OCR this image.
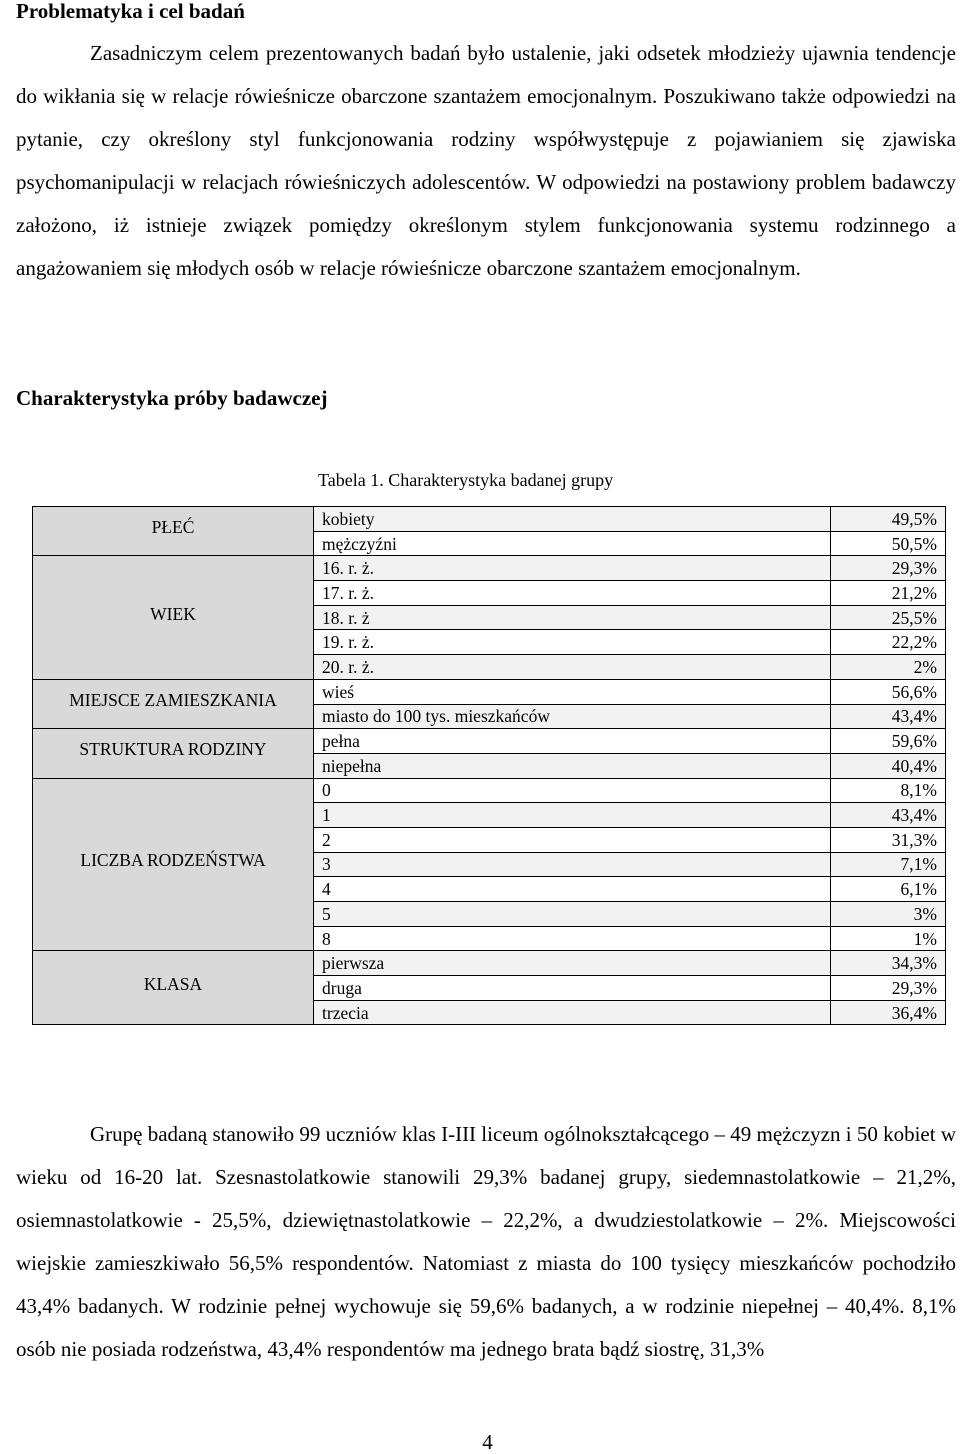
Problematyka i cel badań

Zasadniczym celem prezentowanych badań było ustalenie, jaki odsetek młodzieży ujawnia tendencje do wikłania się w relacje rówieśnicze obarczone szantażem emocjonalnym. Poszukiwano także odpowiedzi na pytanie, czy określony styl funkcjonowania rodziny współwystępuje z pojawianiem się zjawiska psychomanipulacji w relacjach rówieśniczych adolescentów. W odpowiedzi na postawiony problem badawczy założono, iż istnieje związek pomiędzy określonym stylem funkcjonowania systemu rodzinnego a angażowaniem się młodych osób w relacje rówieśnicze obarczone szantażem emocjonalnym.

Charakterystyka próby badawczej
Tabela 1. Charakterystyka badanej grupy
PŁEĆ	kobiety	49,5%
	mężczyźni	50,5%
WIEK	16. r. ż.	29,3%
	17. r. ż.	21,2%
	18. r. ż	25,5%
	19. r. ż.	22,2%
	20. r. ż.	2%
MIEJSCE ZAMIESZKANIA	wieś	56,6%
	miasto do 100 tys. mieszkańców	43,4%
STRUKTURA RODZINY	pełna	59,6%
	niepełna	40,4%
LICZBA RODZEŃSTWA	0	8,1%
	1	43,4%
	2	31,3%
	3	7,1%
	4	6,1%
	5	3%
	8	1%
KLASA	pierwsza	34,3%
	druga	29,3%
	trzecia	36,4%

Grupę badaną stanowiło 99 uczniów klas I-III liceum ogólnokształcącego – 49 mężczyzn i 50 kobiet w wieku od 16-20 lat. Szesnastolatkowie stanowili 29,3% badanej grupy, siedemnastolatkowie – 21,2%, osiemnastolatkowie - 25,5%, dziewiętnastolatkowie – 22,2%, a dwudziestolatkowie – 2%. Miejscowości wiejskie zamieszkiwało 56,5% respondentów. Natomiast z miasta do 100 tysięcy mieszkańców pochodziło 43,4% badanych. W rodzinie pełnej wychowuje się 59,6% badanych, a w rodzinie niepełnej – 40,4%. 8,1% osób nie posiada rodzeństwa, 43,4% respondentów ma jednego brata bądź siostrę, 31,3%

4
